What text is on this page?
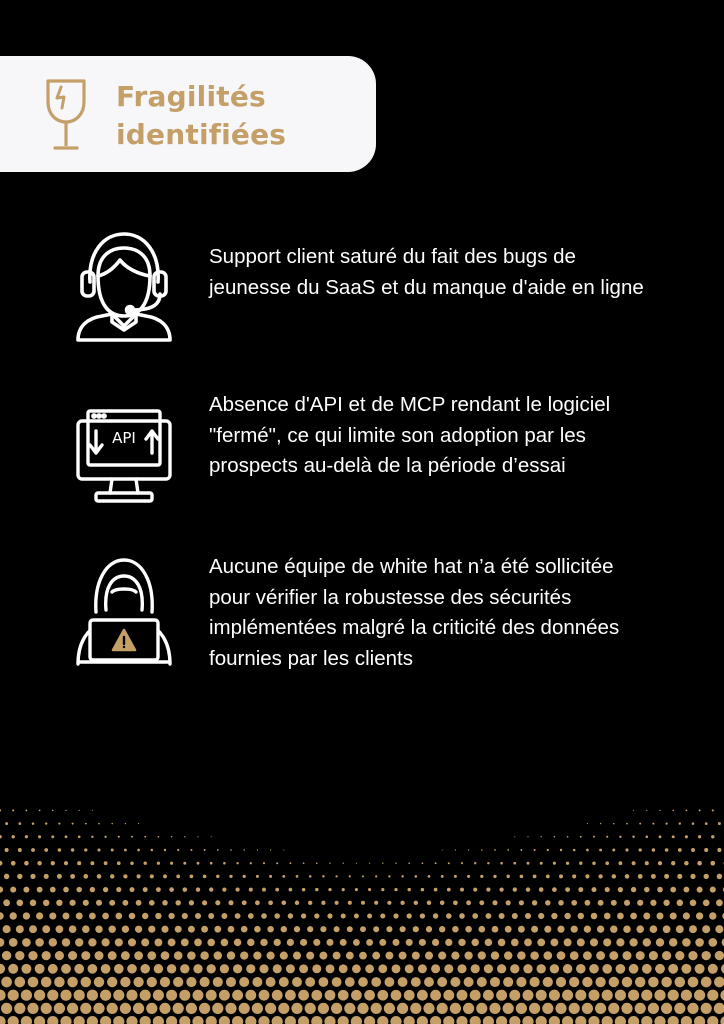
Fragilités identifiées

Support client saturé du fait des bugs de jeunesse du SaaS et du manque d'aide en ligne

API

Absence d'API et de MCP rendant le logiciel "fermé", ce qui limite son adoption par les prospects au-delà de la période d’essai

Aucune équipe de white hat n’a été sollicitée pour vérifier la robustesse des sécurités implémentées malgré la criticité des données fournies par les clients
